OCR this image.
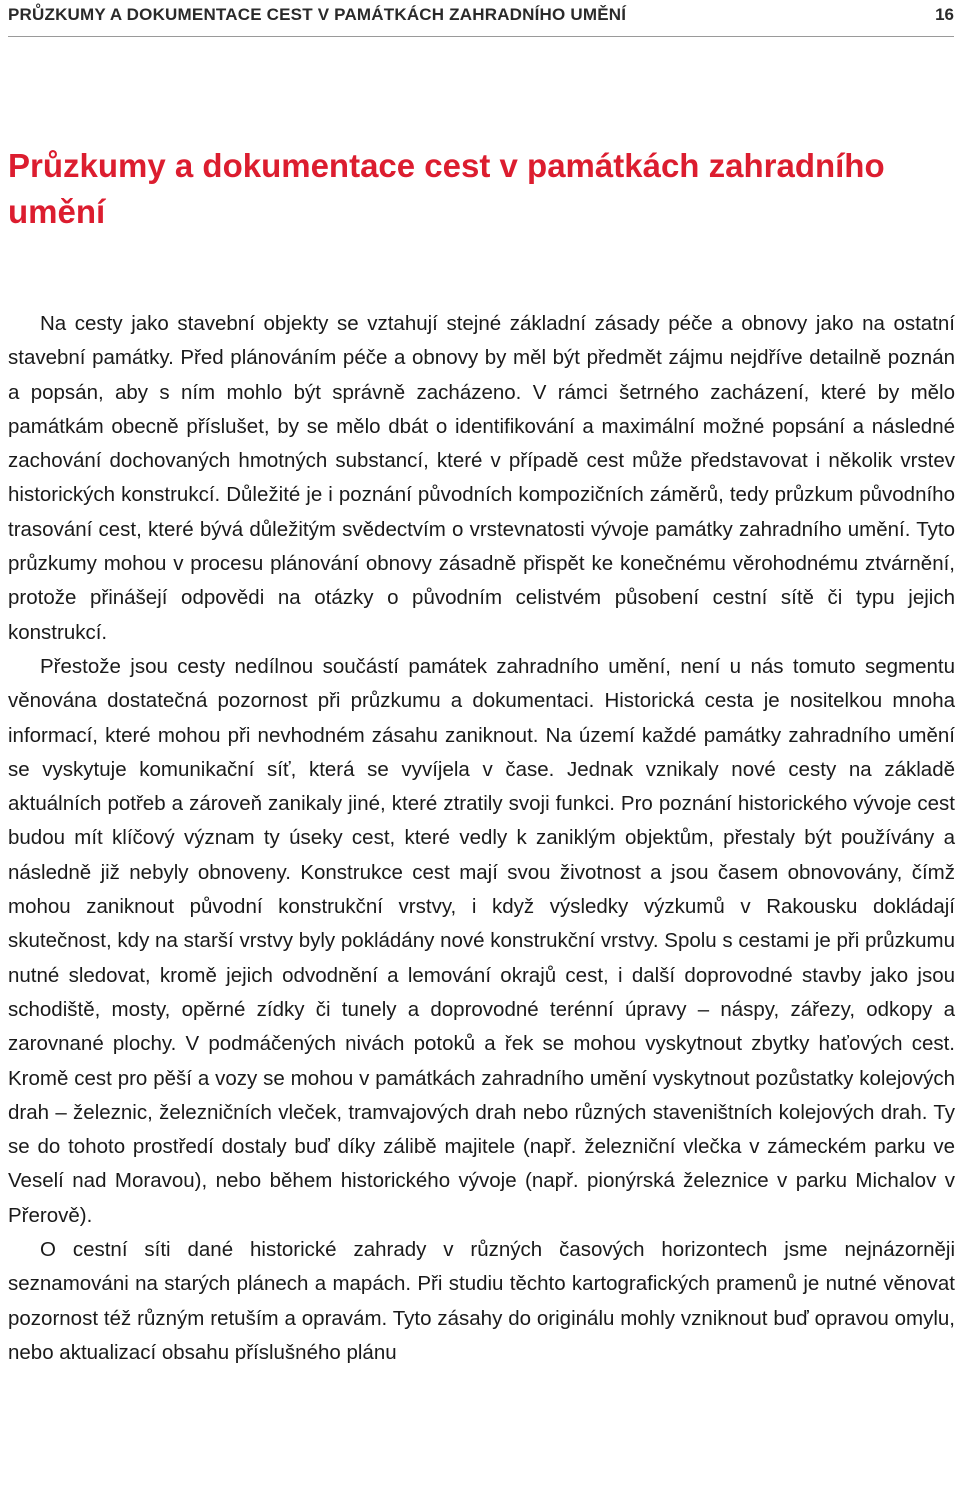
PRŮZKUMY A DOKUMENTACE CEST V PAMÁTKÁCH ZAHRADNÍHO UMĚNÍ	16
Průzkumy a dokumentace cest v památkách zahradního umění

Na cesty jako stavební objekty se vztahují stejné základní zásady péče a obnovy jako na ostatní stavební památky. Před plánováním péče a obnovy by měl být předmět zájmu nejdříve detailně poznán a popsán, aby s ním mohlo být správně zacházeno. V rámci šetrného zacházení, které by mělo památkám obecně příslušet, by se mělo dbát o identifikování a maximální možné popsání a následné zachování dochovaných hmotných substancí, které v případě cest může představovat i několik vrstev historických konstrukcí. Důležité je i poznání původních kompozičních záměrů, tedy průzkum původního trasování cest, které bývá důležitým svědectvím o vrstevnatosti vývoje památky zahradního umění. Tyto průzkumy mohou v procesu plánování obnovy zásadně přispět ke konečnému věrohodnému ztvárnění, protože přinášejí odpovědi na otázky o původním celistvém působení cestní sítě či typu jejich konstrukcí.

Přestože jsou cesty nedílnou součástí památek zahradního umění, není u nás tomuto segmentu věnována dostatečná pozornost při průzkumu a dokumentaci. Historická cesta je nositelkou mnoha informací, které mohou při nevhodném zásahu zaniknout. Na území každé památky zahradního umění se vyskytuje komunikační síť, která se vyvíjela v čase. Jednak vznikaly nové cesty na základě aktuálních potřeb a zároveň zanikaly jiné, které ztratily svoji funkci. Pro poznání historického vývoje cest budou mít klíčový význam ty úseky cest, které vedly k zaniklým objektům, přestaly být používány a následně již nebyly obnoveny. Konstrukce cest mají svou životnost a jsou časem obnovovány, čímž mohou zaniknout původní konstrukční vrstvy, i když výsledky výzkumů v Rakousku dokládají skutečnost, kdy na starší vrstvy byly pokládány nové konstrukční vrstvy. Spolu s cestami je při průzkumu nutné sledovat, kromě jejich odvodnění a lemování okrajů cest, i další doprovodné stavby jako jsou schodiště, mosty, opěrné zídky či tunely a doprovodné terénní úpravy – náspy, zářezy, odkopy a zarovnané plochy. V podmáčených nivách potoků a řek se mohou vyskytnout zbytky haťových cest. Kromě cest pro pěší a vozy se mohou v památkách zahradního umění vyskytnout pozůstatky kolejových drah – železnic, železničních vleček, tramvajových drah nebo různých staveništních kolejových drah. Ty se do tohoto prostředí dostaly buď díky zálibě majitele (např. železniční vlečka v zámeckém parku ve Veselí nad Moravou), nebo během historického vývoje (např. pionýrská železnice v parku Michalov v Přerově).

O cestní síti dané historické zahrady v různých časových horizontech jsme nejnázorněji seznamováni na starých plánech a mapách. Při studiu těchto kartografických pramenů je nutné věnovat pozornost též různým retuším a opravám. Tyto zásahy do originálu mohly vzniknout buď opravou omylu, nebo aktualizací obsahu příslušného plánu
